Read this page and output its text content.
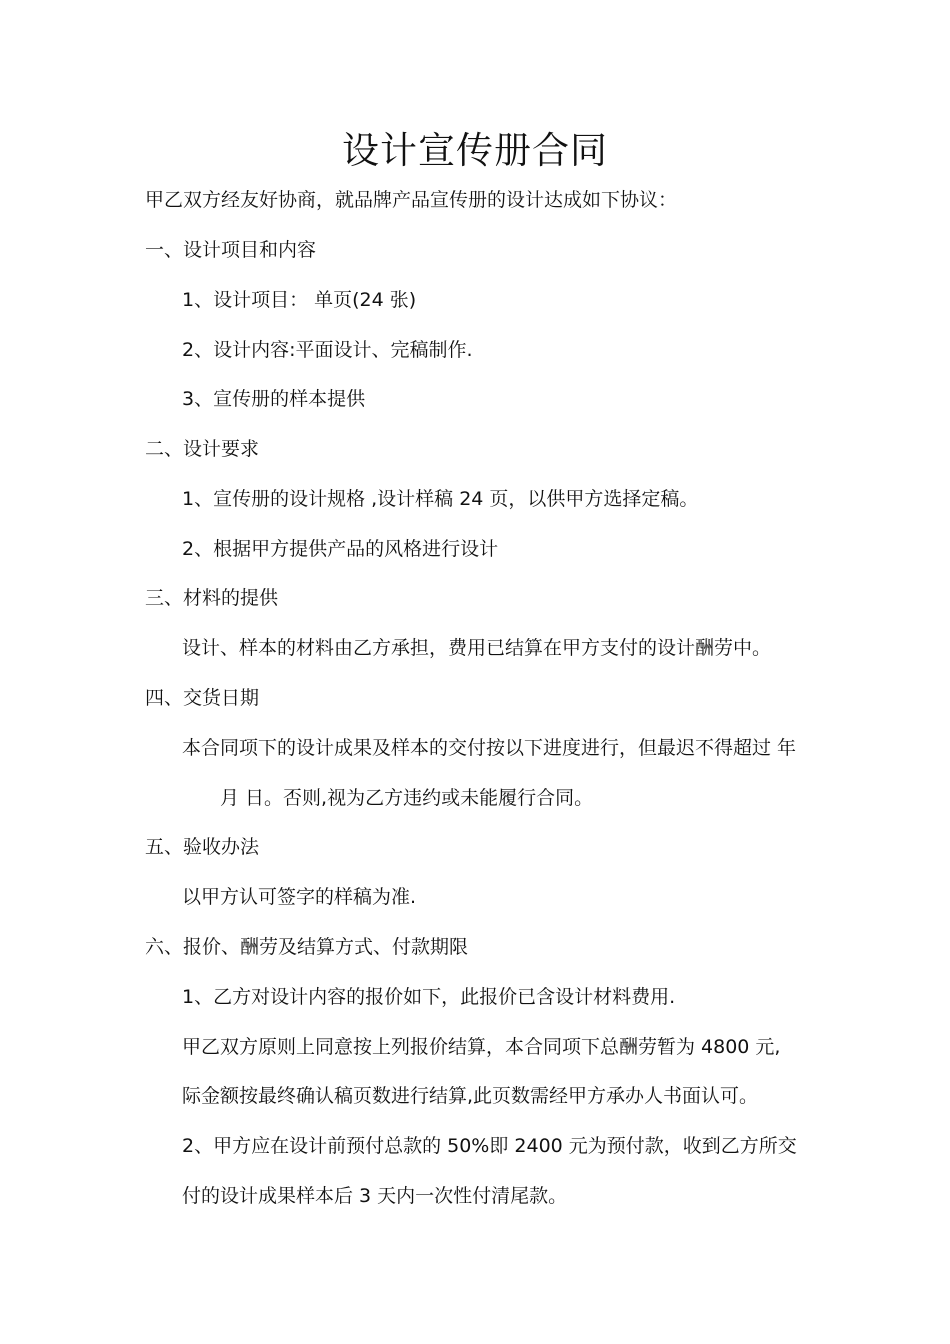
设计宣传册合同

甲乙双方经友好协商，就品牌产品宣传册的设计达成如下协议：

一、设计项目和内容

1、设计项目： 单页(24 张)

2、设计内容:平面设计、完稿制作.

3、宣传册的样本提供

二、设计要求

1、宣传册的设计规格 ,设计样稿 24 页，以供甲方选择定稿。

2、根据甲方提供产品的风格进行设计

三、材料的提供

设计、样本的材料由乙方承担，费用已结算在甲方支付的设计酬劳中。

四、交货日期

本合同项下的设计成果及样本的交付按以下进度进行，但最迟不得超过 年

月 日。否则,视为乙方违约或未能履行合同。

五、验收办法

以甲方认可签字的样稿为准.

六、报价、酬劳及结算方式、付款期限

1、乙方对设计内容的报价如下，此报价已含设计材料费用.

甲乙双方原则上同意按上列报价结算，本合同项下总酬劳暂为 4800 元,

际金额按最终确认稿页数进行结算,此页数需经甲方承办人书面认可。

2、甲方应在设计前预付总款的 50%即 2400 元为预付款，收到乙方所交

付的设计成果样本后 3 天内一次性付清尾款。
